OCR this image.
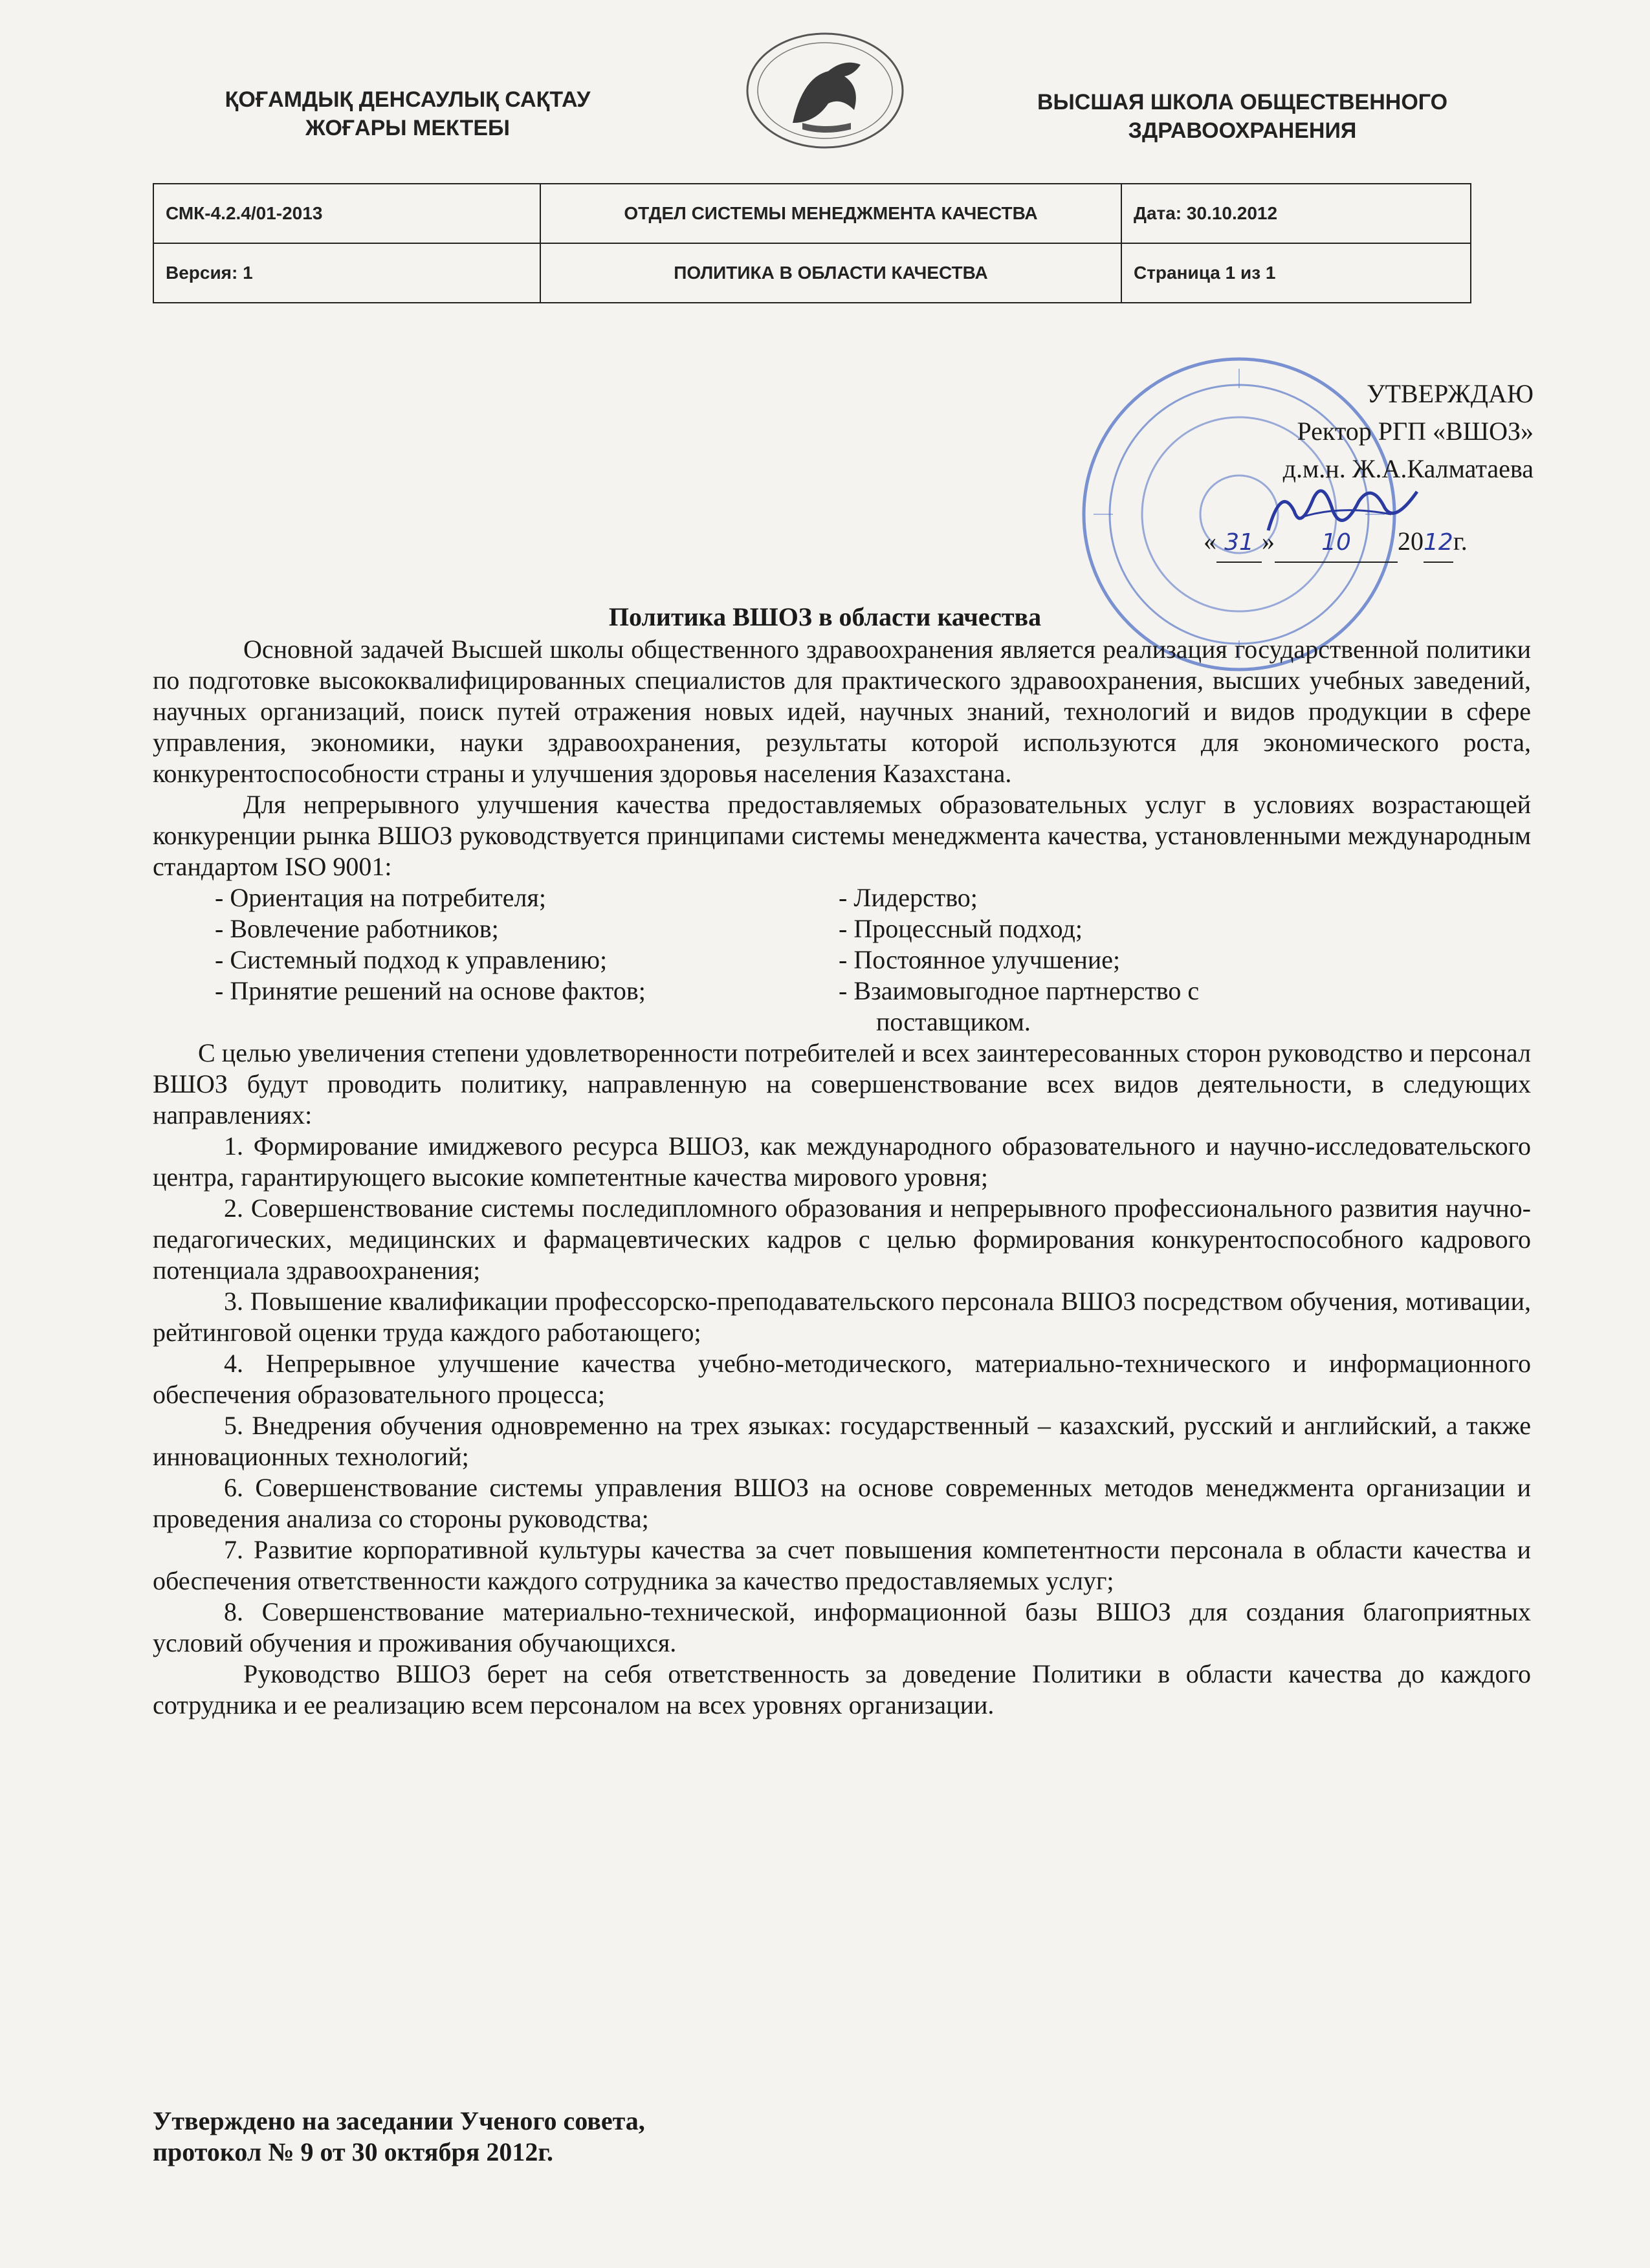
ҚОҒАМДЫҚ ДЕНСАУЛЫҚ САҚТАУ
ЖОҒАРЫ МЕКТЕБІ
ВЫСШАЯ ШКОЛА ОБЩЕСТВЕННОГО
ЗДРАВООХРАНЕНИЯ
СМК-4.2.4/01-2013	ОТДЕЛ СИСТЕМЫ МЕНЕДЖМЕНТА КАЧЕСТВА	Дата: 30.10.2012
Версия: 1	ПОЛИТИКА В ОБЛАСТИ КАЧЕСТВА	Страница 1 из 1
УТВЕРЖДАЮ
Ректор РГП «ВШОЗ»
д.м.н. Ж.А.Калматаева
« 31 » 10 2012г.
Политика ВШОЗ в области качества

Основной задачей Высшей школы общественного здравоохранения является реализация государственной политики по подготовке высококвалифицированных специалистов для практического здравоохранения, высших учебных заведений, научных организаций, поиск путей отражения новых идей, научных знаний, технологий и видов продукции в сфере управления, экономики, науки здравоохранения, результаты которой используются для экономического роста, конкурентоспособности страны и улучшения здоровья населения Казахстана.

Для непрерывного улучшения качества предоставляемых образовательных услуг в условиях возрастающей конкуренции рынка ВШОЗ руководствуется принципами системы менеджмента качества, установленными международным стандартом ISO 9001:

- Ориентация на потребителя;	- Лидерство;
- Вовлечение работников;	- Процессный подход;
- Системный подход к управлению;	- Постоянное улучшение;
- Принятие решений на основе фактов;	- Взаимовыгодное партнерство с
поставщиком.

С целью увеличения степени удовлетворенности потребителей и всех заинтересованных сторон руководство и персонал ВШОЗ будут проводить политику, направленную на совершенствование всех видов деятельности, в следующих направлениях:

1. Формирование имиджевого ресурса ВШОЗ, как международного образовательного и научно-исследовательского центра, гарантирующего высокие компетентные качества мирового уровня;

2. Совершенствование системы последипломного образования и непрерывного профессионального развития научно-педагогических, медицинских и фармацевтических кадров с целью формирования конкурентоспособного кадрового потенциала здравоохранения;

3. Повышение квалификации профессорско-преподавательского персонала ВШОЗ посредством обучения, мотивации, рейтинговой оценки труда каждого работающего;

4. Непрерывное улучшение качества учебно-методического, материально-технического и информационного обеспечения образовательного процесса;

5. Внедрения обучения одновременно на трех языках: государственный – казахский, русский и английский, а также инновационных технологий;

6. Совершенствование системы управления ВШОЗ на основе современных методов менеджмента организации и проведения анализа со стороны руководства;

7. Развитие корпоративной культуры качества за счет повышения компетентности персонала в области качества и обеспечения ответственности каждого сотрудника за качество предоставляемых услуг;

8. Совершенствование материально-технической, информационной базы ВШОЗ для создания благоприятных условий обучения и проживания обучающихся.

Руководство ВШОЗ берет на себя ответственность за доведение Политики в области качества до каждого сотрудника и ее реализацию всем персоналом на всех уровнях организации.

Утверждено на заседании Ученого совета,
протокол № 9 от 30 октября 2012г.
